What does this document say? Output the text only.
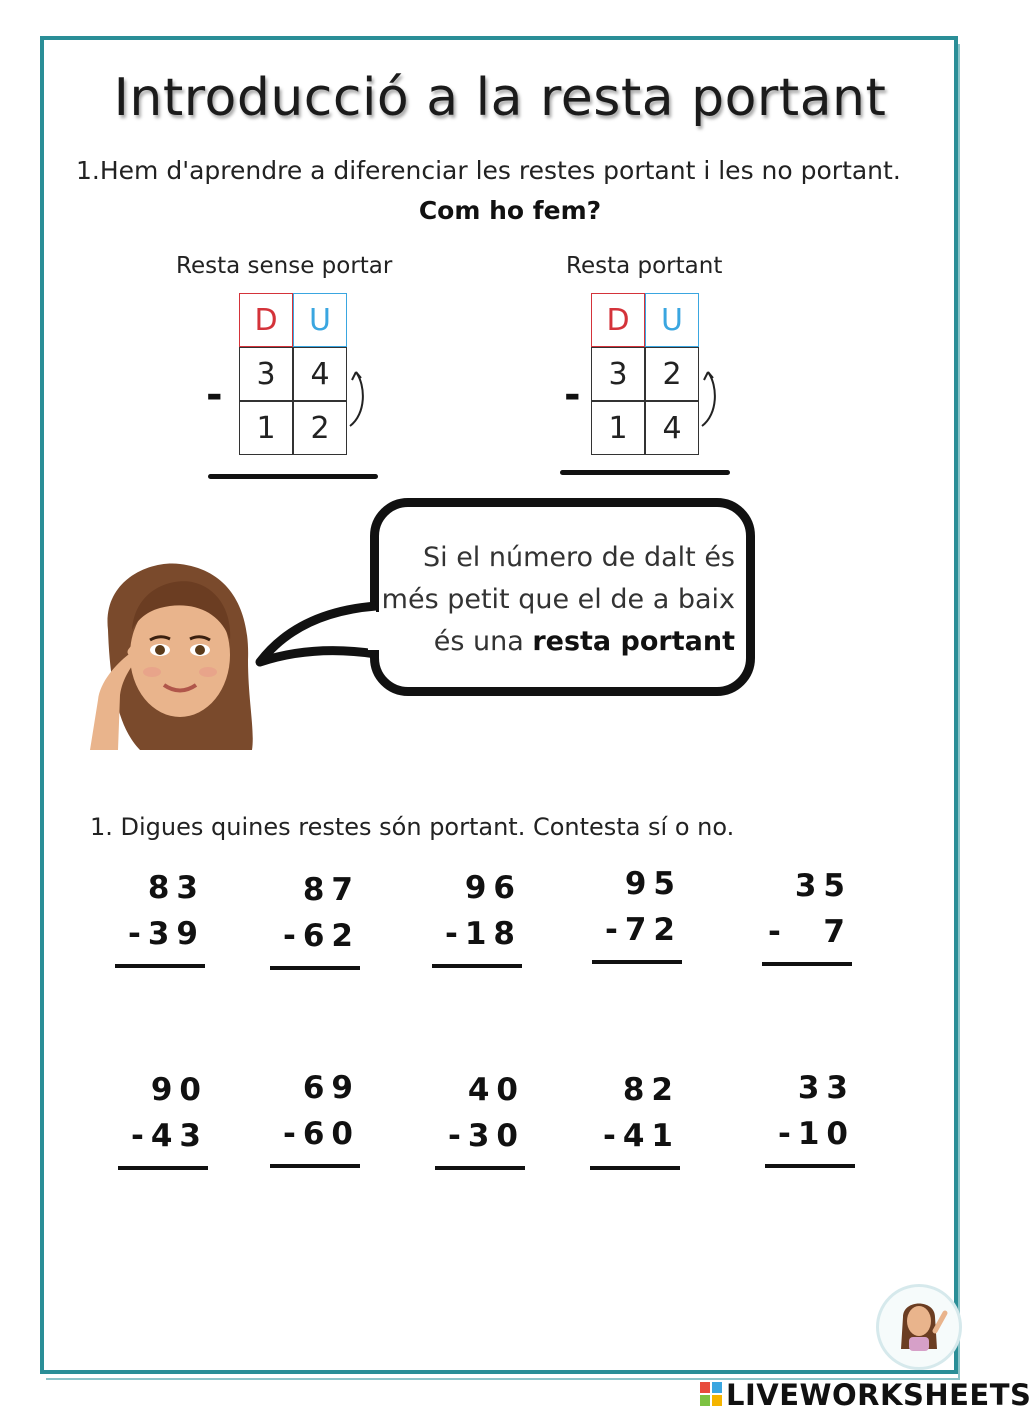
Introducció a la resta portant
1.Hem d'aprendre a diferenciar les restes portant i les no portant.
Com ho fem?
Resta sense portar
D	U
3	4
1	2
-
Resta portant
D	U
3	2
1	4
-
Si el número de dalt és
més petit que el de a baix
és una resta portant
1. Digues quines restes són portant. Contesta sí o no.
83
-39
87
-62
96
-18
95
-72
35
-  7
90
-43
69
-60
40
-30
82
-41
33
-10
LIVEWORKSHEETS
